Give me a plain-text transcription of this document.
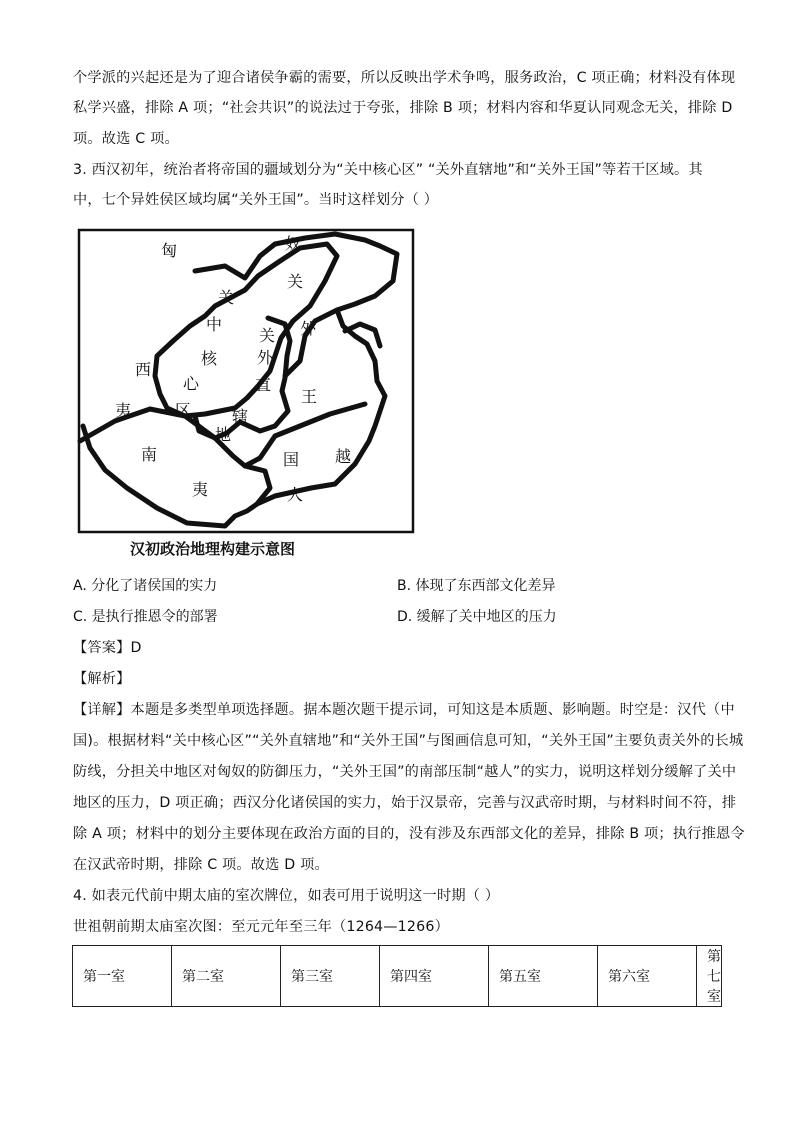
个学派的兴起还是为了迎合诸侯争霸的需要，所以反映出学术争鸣，服务政治，C 项正确；材料没有体现
私学兴盛，排除 A 项；“社会共识”的说法过于夸张，排除 B 项；材料内容和华夏认同观念无关，排除 D
项。故选 C 项。
3. 西汉初年，统治者将帝国的疆域划分为“关中核心区” “关外直辖地”和“关外王国”等若干区域。其
中，七个异姓侯区域均属“关外王国”。当时这样划分（ ）
匈	奴
关
外
王
关
中
核
心
区
关
外
直
辖
地
西
夷
南
夷
国
人
越
汉初政治地理构建示意图
A. 分化了诸侯国的实力	B. 体现了东西部文化差异
C. 是执行推恩令的部署	D. 缓解了关中地区的压力
【答案】D
【解析】
【详解】本题是多类型单项选择题。据本题次题干提示词，可知这是本质题、影响题。时空是：汉代（中
国)。根据材料“关中核心区”“关外直辖地”和“关外王国”与图画信息可知，“关外王国”主要负责关外的长城
防线，分担关中地区对匈奴的防御压力，“关外王国”的南部压制“越人”的实力，说明这样划分缓解了关中
地区的压力，D 项正确；西汉分化诸侯国的实力，始于汉景帝，完善与汉武帝时期，与材料时间不符，排
除 A 项；材料中的划分主要体现在政治方面的目的，没有涉及东西部文化的差异，排除 B 项；执行推恩令
在汉武帝时期，排除 C 项。故选 D 项。
4. 如表元代前中期太庙的室次牌位，如表可用于说明这一时期（ ）
世祖朝前期太庙室次图：至元元年至三年（1264—1266）
第一室	第二室	第三室	第四室	第五室	第六室	第七室
